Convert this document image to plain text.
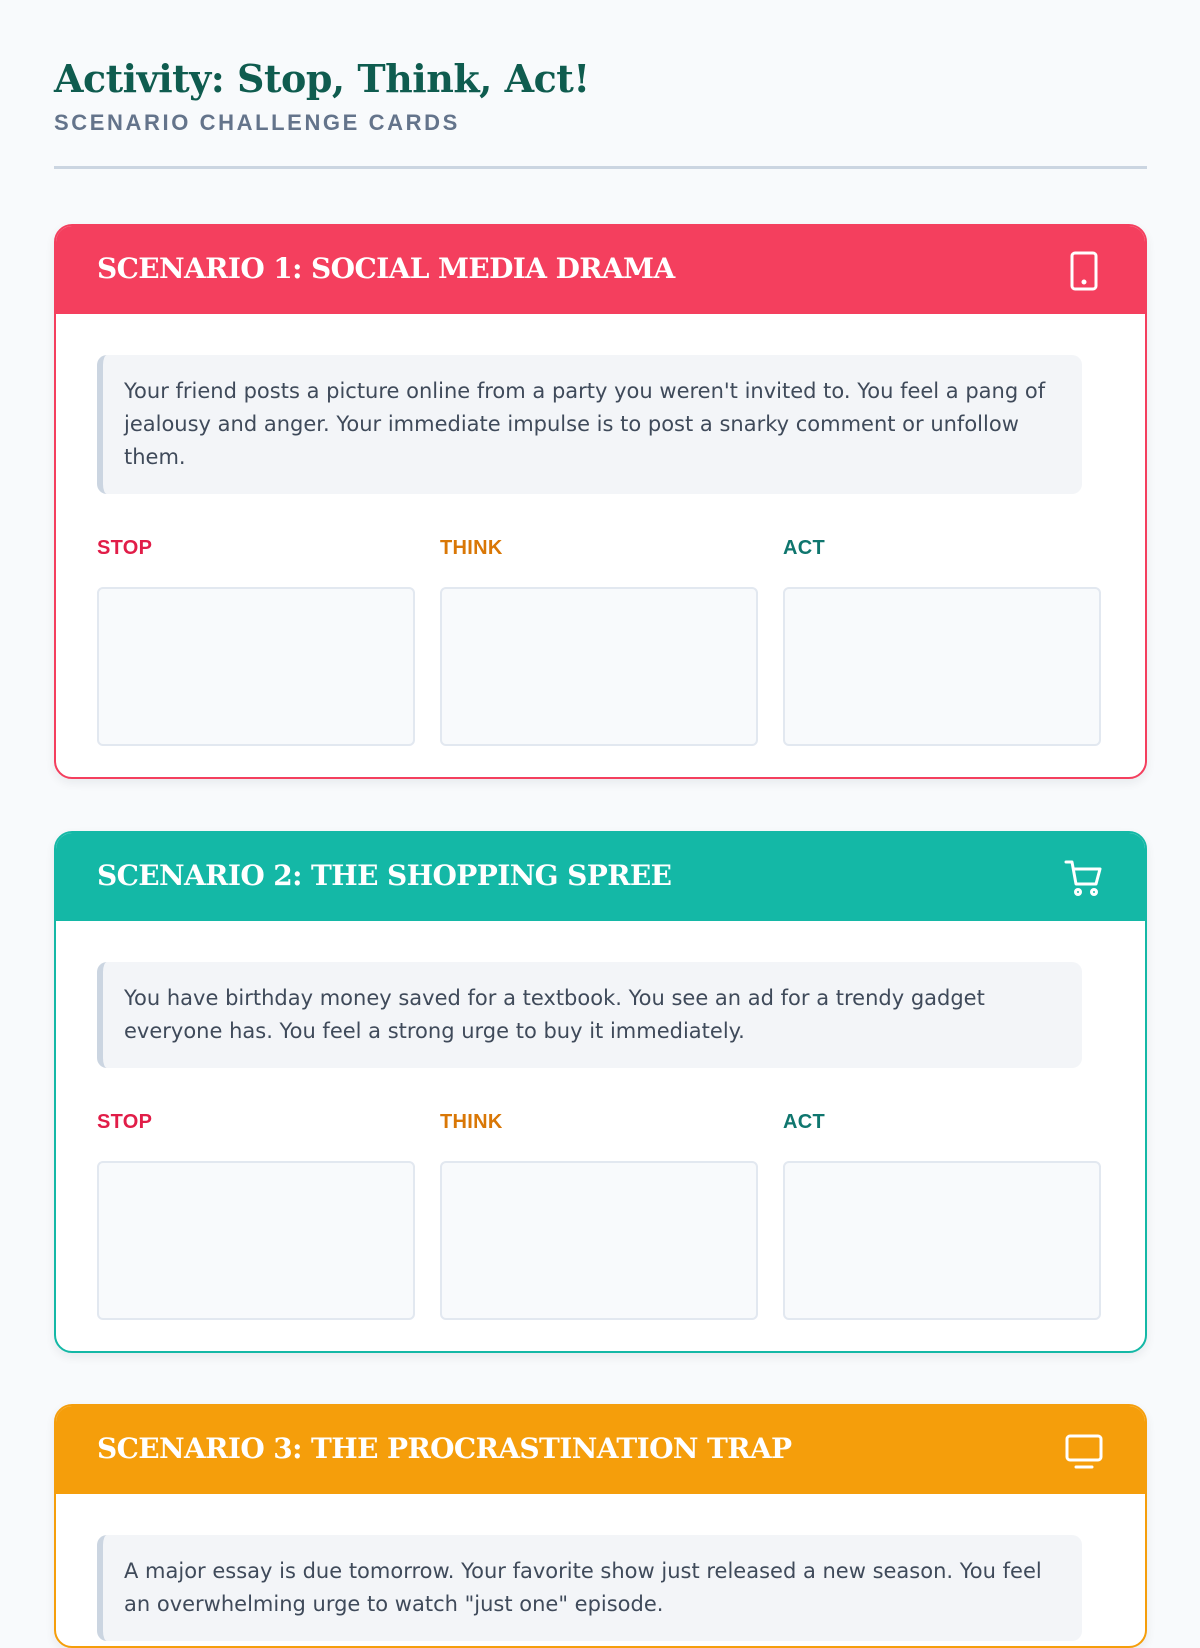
Activity: Stop, Think, Act!
SCENARIO CHALLENGE CARDS
SCENARIO 1: SOCIAL MEDIA DRAMA
Your friend posts a picture online from a party you weren't invited to. You feel a pang of jealousy and anger. Your immediate impulse is to post a snarky comment or unfollow them.
STOP	THINK	ACT
SCENARIO 2: THE SHOPPING SPREE
You have birthday money saved for a textbook. You see an ad for a trendy gadget everyone has. You feel a strong urge to buy it immediately.
STOP	THINK	ACT
SCENARIO 3: THE PROCRASTINATION TRAP
A major essay is due tomorrow. Your favorite show just released a new season. You feel an overwhelming urge to watch "just one" episode.
